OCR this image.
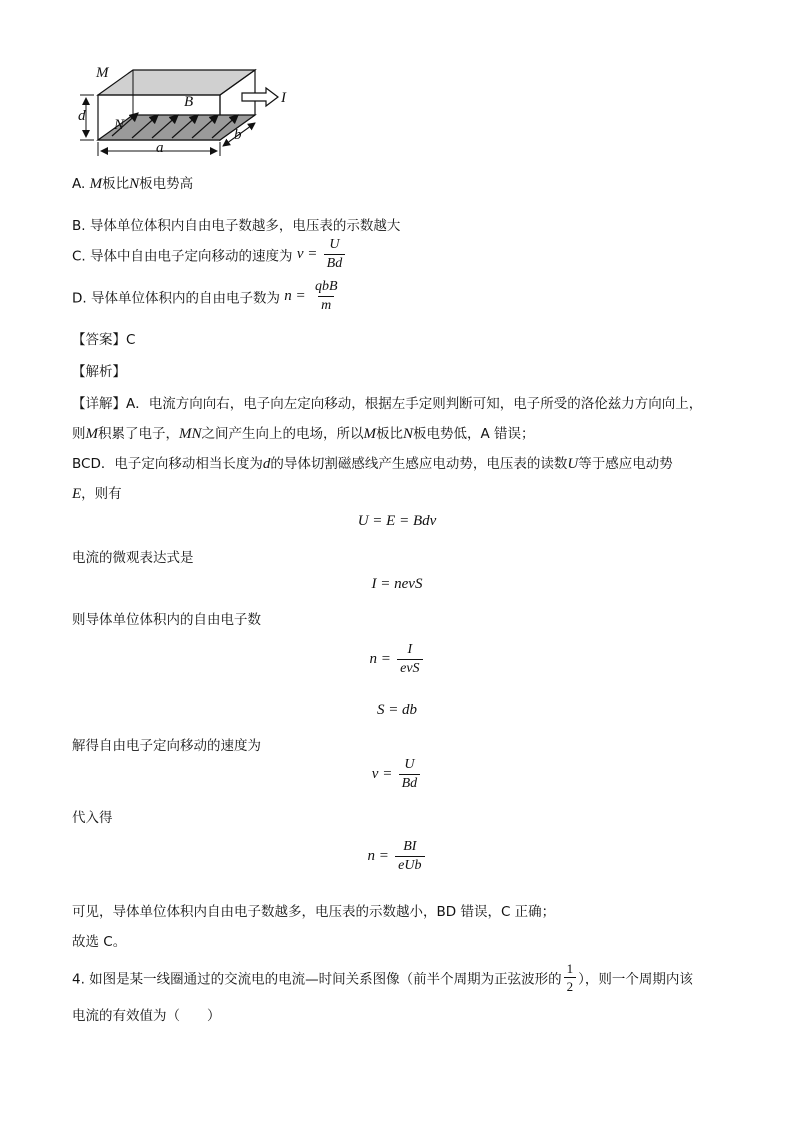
M
N
B	I
d
a
b
A. M板比N板电势高
B. 导体单位体积内自由电子数越多，电压表的示数越大
C. 导体中自由电子定向移动的速度为 $v = \frac{U}{Bd}$
D. 导体单位体积内的自由电子数为 $n = \frac{\text{qbB}}{m}$
【答案】C
【解析】
【详解】A．电流方向向右，电子向左定向移动，根据左手定则判断可知，电子所受的洛伦兹力方向向上，
则M积累了电子，MN之间产生向上的电场，所以M板比N板电势低，A 错误；
BCD．电子定向移动相当长度为d的导体切割磁感线产生感应电动势，电压表的读数U等于感应电动势
E，则有
U = E = Bdv
电流的微观表达式是
I = nevS
则导体单位体积内的自由电子数
$n = \frac{I}{\text{evS}}$
S = db
解得自由电子定向移动的速度为
$v = \frac{U}{Bd}$
代入得
$n = \frac{BI}{\text{eUb}}$
可见，导体单位体积内自由电子数越多，电压表的示数越小，BD 错误，C 正确；
故选 C。
4. 如图是某一线圈通过的交流电的电流—时间关系图像（前半个周期为正弦波形的 $\frac{1}{2}$ ），则一个周期内该
电流的有效值为（　　）
